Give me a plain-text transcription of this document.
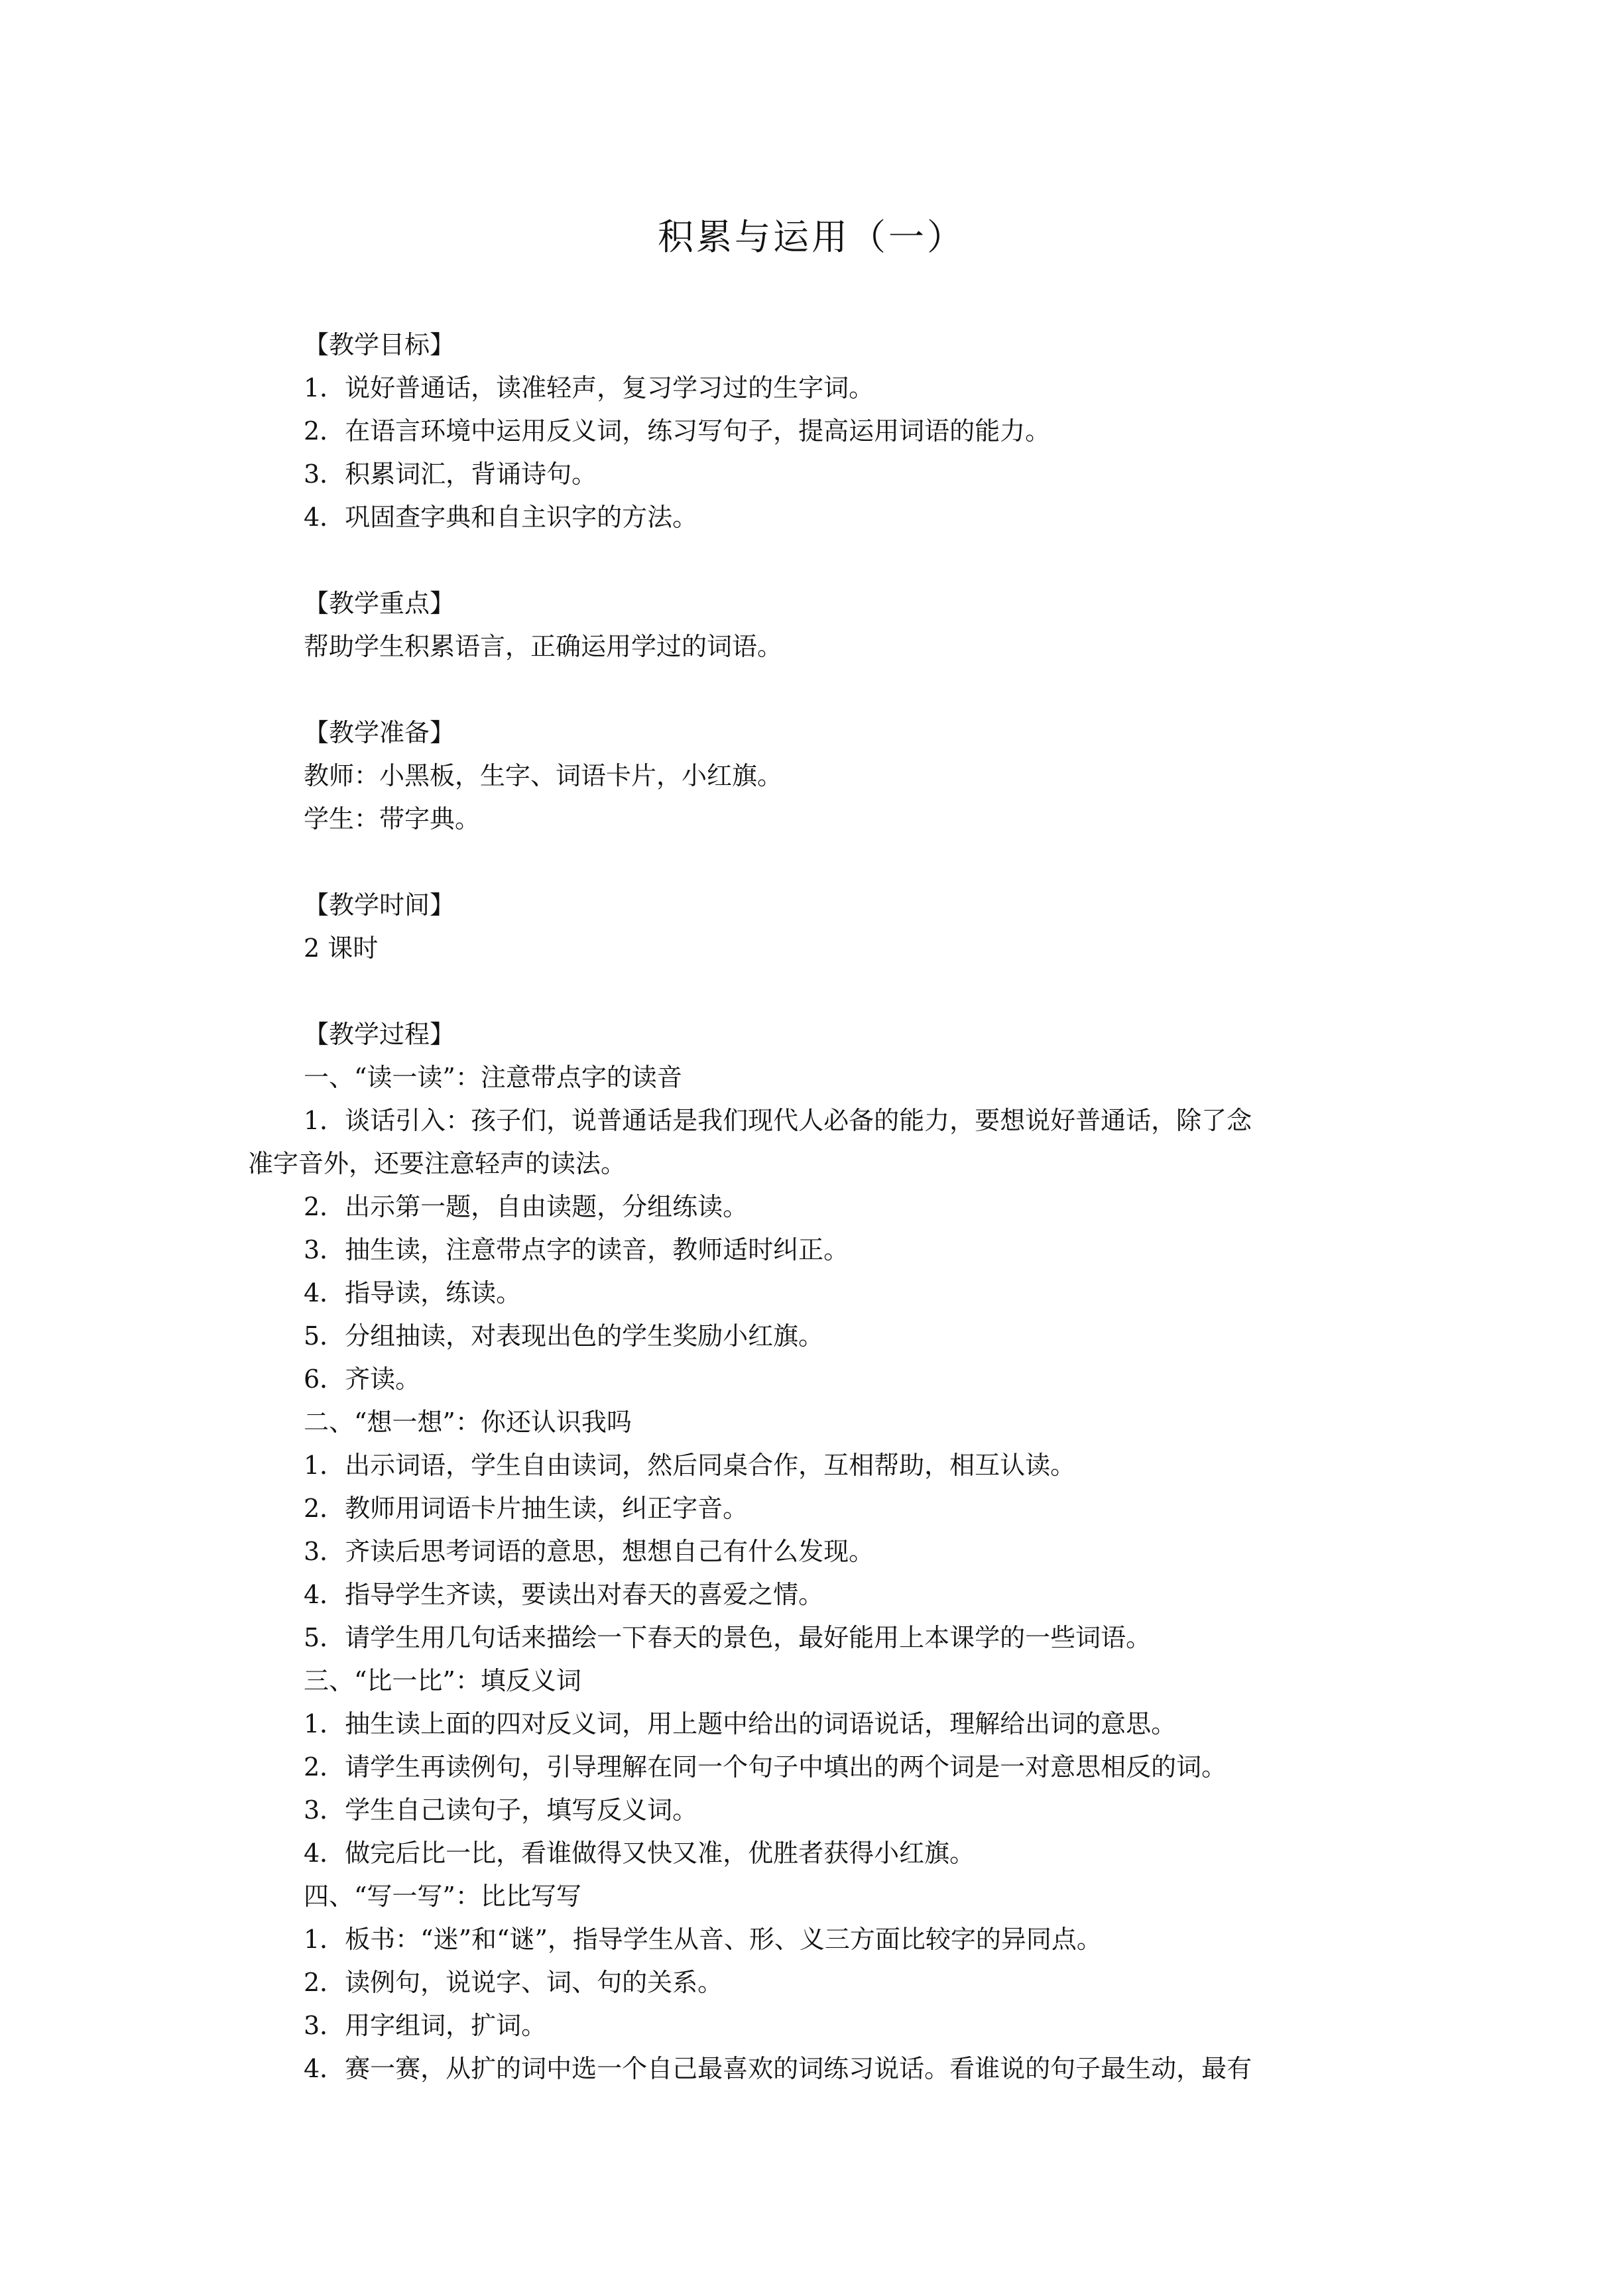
积累与运用（一）
【教学目标】
1．说好普通话，读准轻声，复习学习过的生字词。
2．在语言环境中运用反义词，练习写句子，提高运用词语的能力。
3．积累词汇，背诵诗句。
4．巩固查字典和自主识字的方法。
【教学重点】
帮助学生积累语言，正确运用学过的词语。
【教学准备】
教师：小黑板，生字、词语卡片，小红旗。
学生：带字典。
【教学时间】
2 课时
【教学过程】
一、“读一读”：注意带点字的读音
1．谈话引入：孩子们，说普通话是我们现代人必备的能力，要想说好普通话，除了念
准字音外，还要注意轻声的读法。
2．出示第一题，自由读题，分组练读。
3．抽生读，注意带点字的读音，教师适时纠正。
4．指导读，练读。
5．分组抽读，对表现出色的学生奖励小红旗。
6．齐读。
二、“想一想”：你还认识我吗
1．出示词语，学生自由读词，然后同桌合作，互相帮助，相互认读。
2．教师用词语卡片抽生读，纠正字音。
3．齐读后思考词语的意思，想想自己有什么发现。
4．指导学生齐读，要读出对春天的喜爱之情。
5．请学生用几句话来描绘一下春天的景色，最好能用上本课学的一些词语。
三、“比一比”：填反义词
1．抽生读上面的四对反义词，用上题中给出的词语说话，理解给出词的意思。
2．请学生再读例句，引导理解在同一个句子中填出的两个词是一对意思相反的词。
3．学生自己读句子，填写反义词。
4．做完后比一比，看谁做得又快又准，优胜者获得小红旗。
四、“写一写”：比比写写
1．板书：“迷”和“谜”，指导学生从音、形、义三方面比较字的异同点。
2．读例句，说说字、词、句的关系。
3．用字组词，扩词。
4．赛一赛，从扩的词中选一个自己最喜欢的词练习说话。看谁说的句子最生动，最有
